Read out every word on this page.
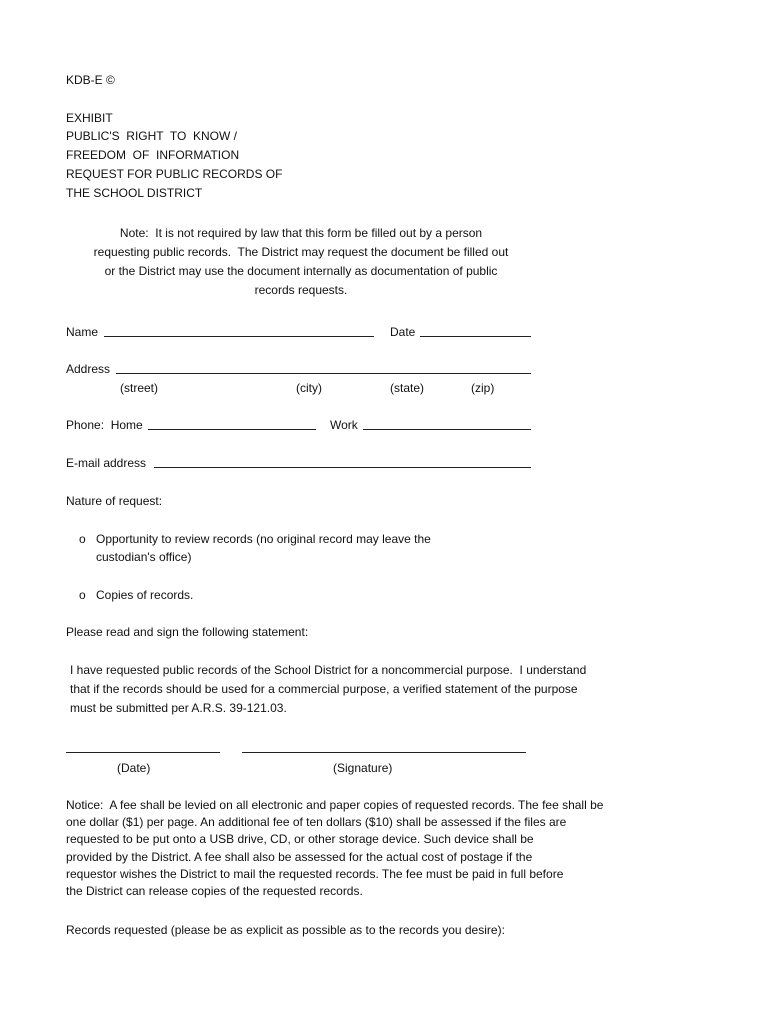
KDB-E ©
EXHIBIT
PUBLIC'S  RIGHT  TO  KNOW /
FREEDOM  OF  INFORMATION
REQUEST FOR PUBLIC RECORDS OF
THE SCHOOL DISTRICT
Note:  It is not required by law that this form be filled out by a person
requesting public records.  The District may request the document be filled out
or the District may use the document internally as documentation of public
records requests.
Name	Date
Address
(street)	(city)	(state)	(zip)
Phone:  Home	Work
E-mail address
Nature of request:
o Opportunity to review records (no original record may leave the
custodian's office)
o Copies of records.
Please read and sign the following statement:
I have requested public records of the School District for a noncommercial purpose.  I understand
that if the records should be used for a commercial purpose, a verified statement of the purpose
must be submitted per A.R.S. 39-121.03.
(Date)	(Signature)
Notice:  A fee shall be levied on all electronic and paper copies of requested records. The fee shall be
one dollar ($1) per page. An additional fee of ten dollars ($10) shall be assessed if the files are
requested to be put onto a USB drive, CD, or other storage device. Such device shall be
provided by the District. A fee shall also be assessed for the actual cost of postage if the
requestor wishes the District to mail the requested records. The fee must be paid in full before
the District can release copies of the requested records.
Records requested (please be as explicit as possible as to the records you desire):
